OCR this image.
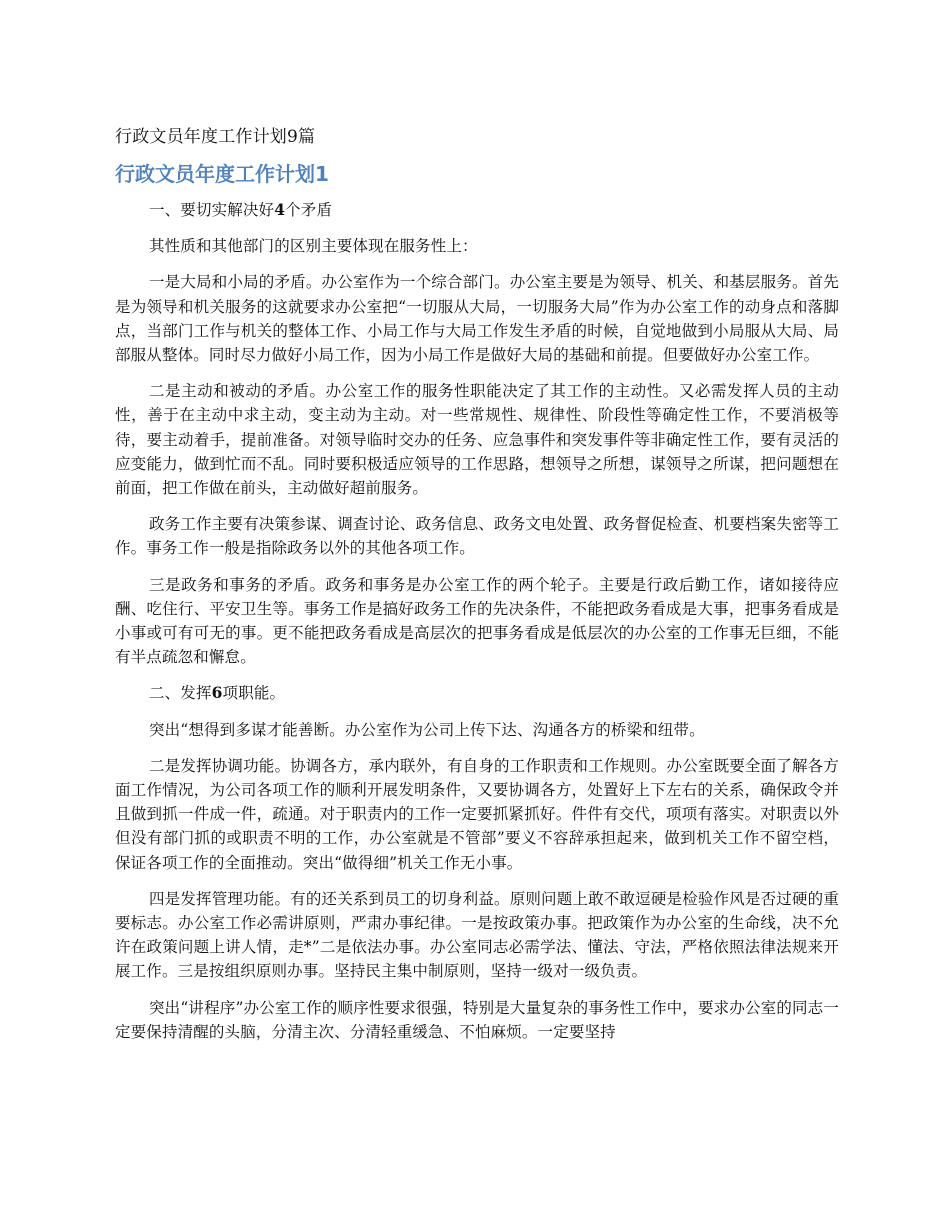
行政文员年度工作计划9篇
行政文员年度工作计划1

一、要切实解决好4个矛盾

其性质和其他部门的区别主要体现在服务性上：

一是大局和小局的矛盾。办公室作为一个综合部门。办公室主要是为领导、机关、和基层服务。首先是为领导和机关服务的这就要求办公室把“一切服从大局，一切服务大局”作为办公室工作的动身点和落脚点，当部门工作与机关的整体工作、小局工作与大局工作发生矛盾的时候，自觉地做到小局服从大局、局部服从整体。同时尽力做好小局工作，因为小局工作是做好大局的基础和前提。但要做好办公室工作。

二是主动和被动的矛盾。办公室工作的服务性职能决定了其工作的主动性。又必需发挥人员的主动性，善于在主动中求主动，变主动为主动。对一些常规性、规律性、阶段性等确定性工作，不要消极等待，要主动着手，提前准备。对领导临时交办的任务、应急事件和突发事件等非确定性工作，要有灵活的应变能力，做到忙而不乱。同时要积极适应领导的工作思路，想领导之所想，谋领导之所谋，把问题想在前面，把工作做在前头，主动做好超前服务。

政务工作主要有决策参谋、调查讨论、政务信息、政务文电处置、政务督促检查、机要档案失密等工作。事务工作一般是指除政务以外的其他各项工作。

三是政务和事务的矛盾。政务和事务是办公室工作的两个轮子。主要是行政后勤工作，诸如接待应酬、吃住行、平安卫生等。事务工作是搞好政务工作的先决条件，不能把政务看成是大事，把事务看成是小事或可有可无的事。更不能把政务看成是高层次的把事务看成是低层次的办公室的工作事无巨细，不能有半点疏忽和懈怠。

二、发挥6项职能。

突出“想得到多谋才能善断。办公室作为公司上传下达、沟通各方的桥梁和纽带。

二是发挥协调功能。协调各方，承内联外，有自身的工作职责和工作规则。办公室既要全面了解各方面工作情况，为公司各项工作的顺利开展发明条件，又要协调各方，处置好上下左右的关系，确保政令并且做到抓一件成一件，疏通。对于职责内的工作一定要抓紧抓好。件件有交代，项项有落实。对职责以外但没有部门抓的或职责不明的工作，办公室就是不管部”要义不容辞承担起来，做到机关工作不留空档，保证各项工作的全面推动。突出“做得细”机关工作无小事。

四是发挥管理功能。有的还关系到员工的切身利益。原则问题上敢不敢逗硬是检验作风是否过硬的重要标志。办公室工作必需讲原则，严肃办事纪律。一是按政策办事。把政策作为办公室的生命线，决不允许在政策问题上讲人情，走*”二是依法办事。办公室同志必需学法、懂法、守法，严格依照法律法规来开展工作。三是按组织原则办事。坚持民主集中制原则，坚持一级对一级负责。

突出“讲程序”办公室工作的顺序性要求很强，特别是大量复杂的事务性工作中，要求办公室的同志一定要保持清醒的头脑，分清主次、分清轻重缓急、不怕麻烦。一定要坚持
